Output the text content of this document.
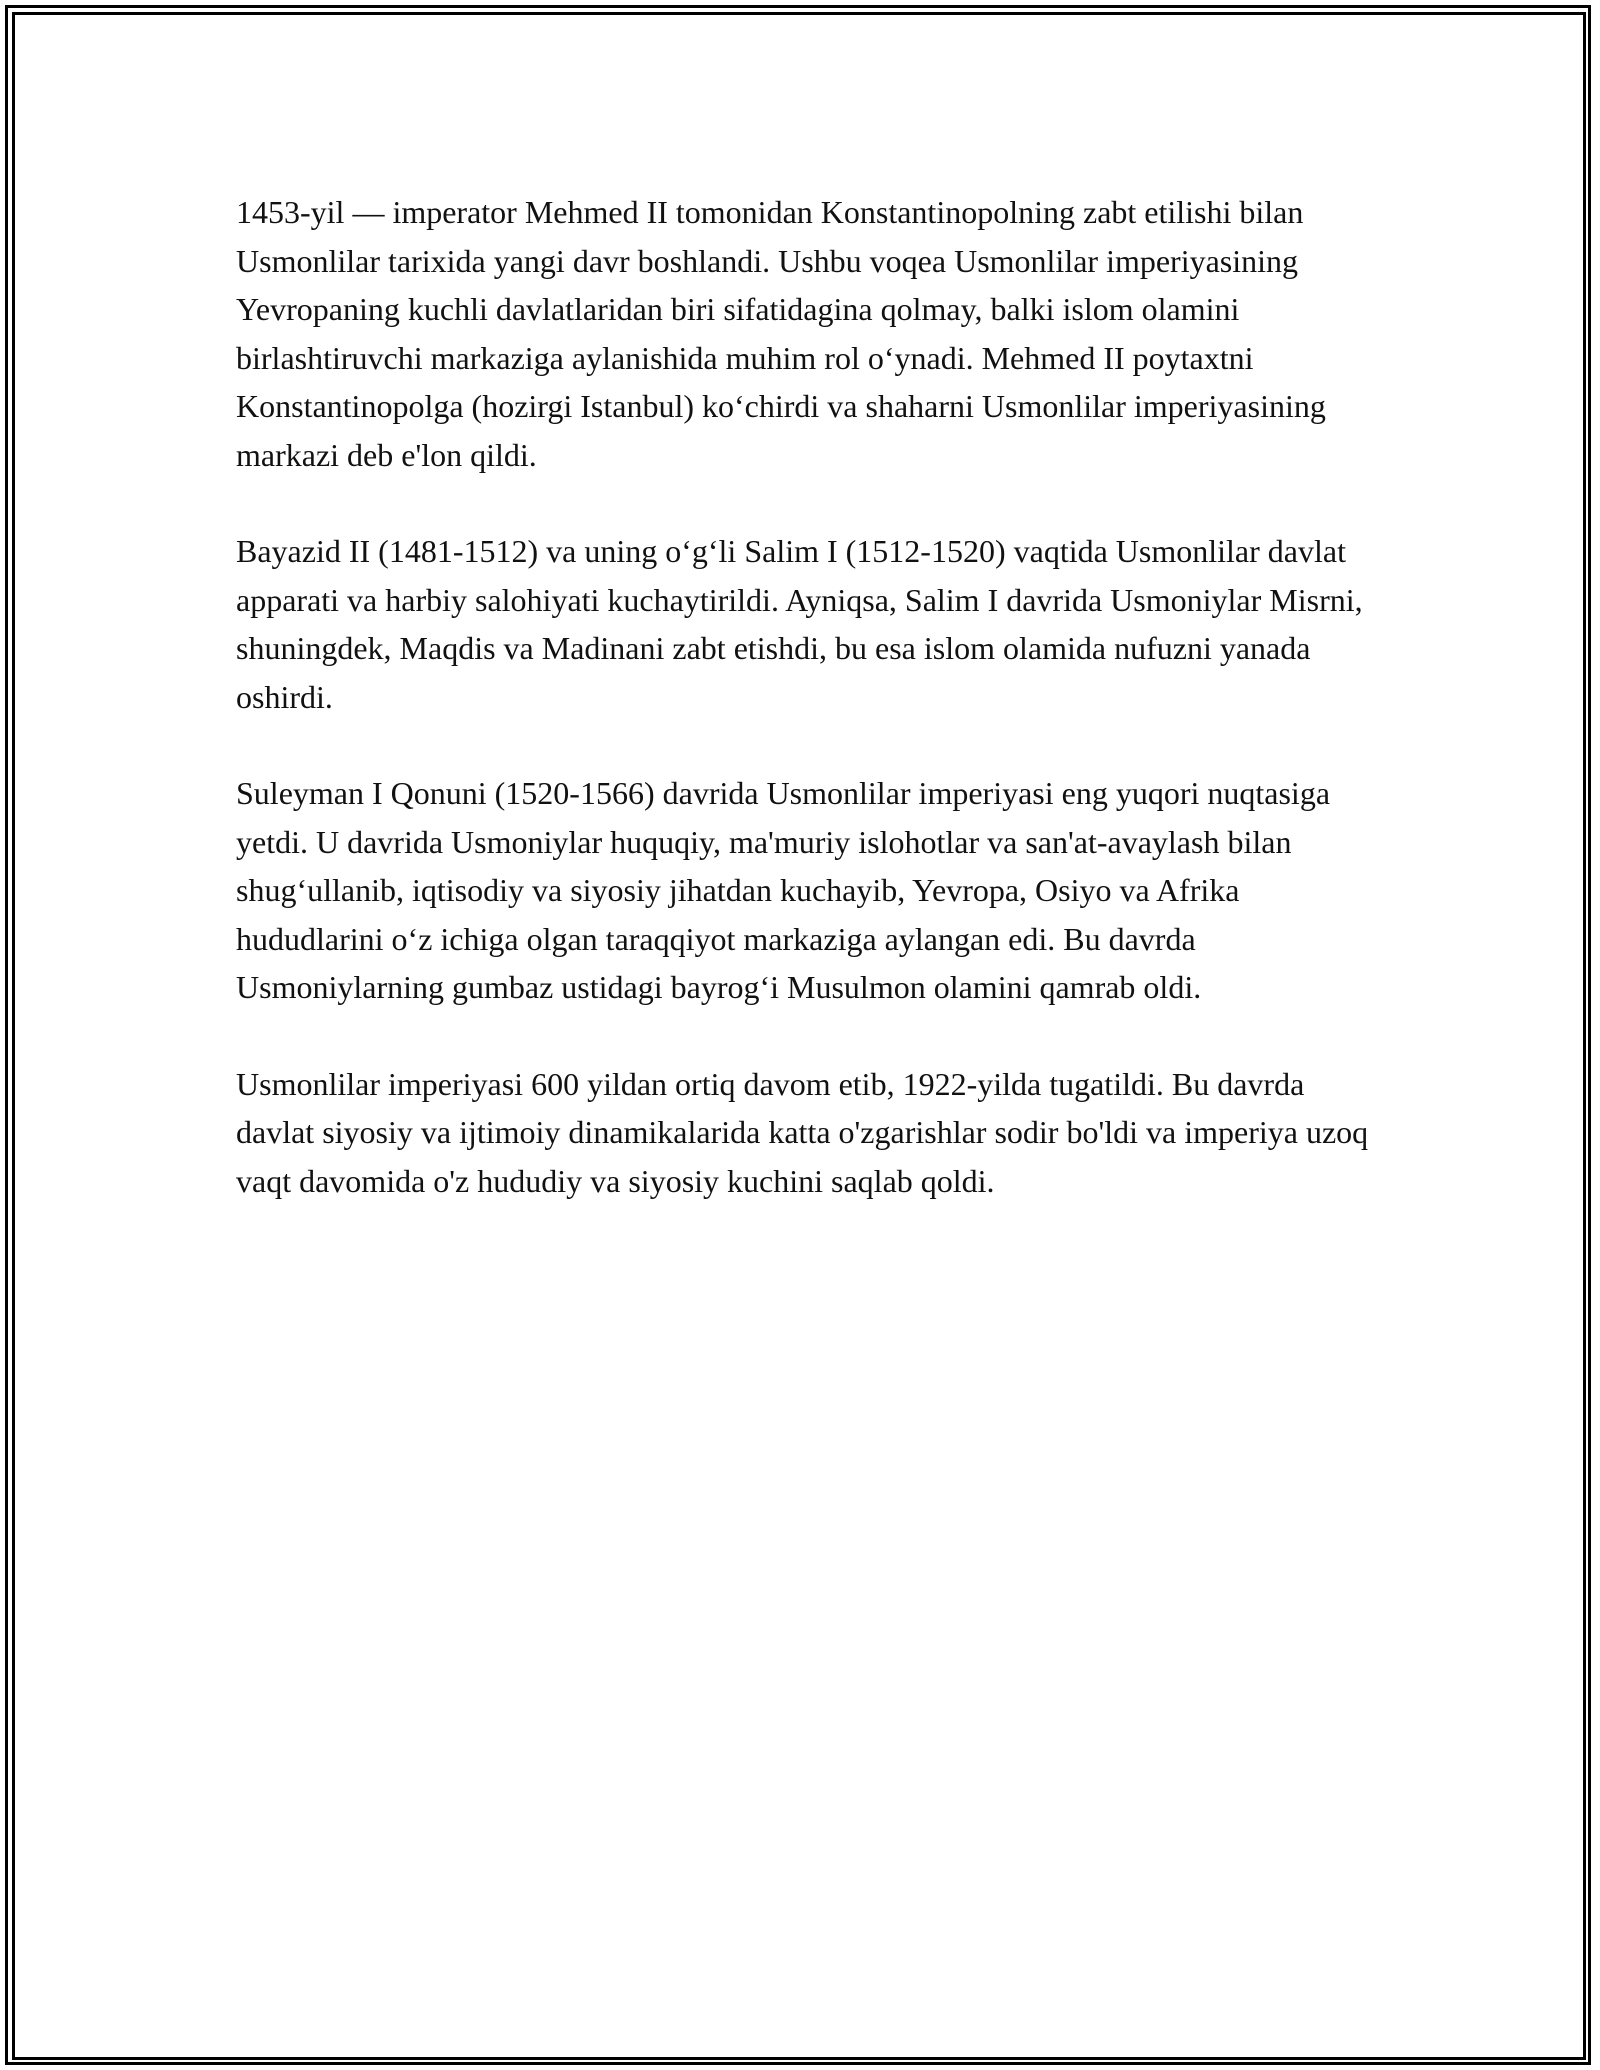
1453-yil — imperator Mehmed II tomonidan Konstantinopolning zabt etilishi bilan Usmonlilar tarixida yangi davr boshlandi. Ushbu voqea Usmonlilar imperiyasining Yevropaning kuchli davlatlaridan biri sifatidagina qolmay, balki islom olamini birlashtiruvchi markaziga aylanishida muhim rol oʻynadi. Mehmed II poytaxtni Konstantinopolga (hozirgi Istanbul) koʻchirdi va shaharni Usmonlilar imperiyasining markazi deb e'lon qildi.

Bayazid II (1481-1512) va uning oʻgʻli Salim I (1512-1520) vaqtida Usmonlilar davlat apparati va harbiy salohiyati kuchaytirildi. Ayniqsa, Salim I davrida Usmoniylar Misrni, shuningdek, Maqdis va Madinani zabt etishdi, bu esa islom olamida nufuzni yanada oshirdi.

Suleyman I Qonuni (1520-1566) davrida Usmonlilar imperiyasi eng yuqori nuqtasiga yetdi. U davrida Usmoniylar huquqiy, ma'muriy islohotlar va san'at-avaylash bilan shugʻullanib, iqtisodiy va siyosiy jihatdan kuchayib, Yevropa, Osiyo va Afrika hududlarini oʻz ichiga olgan taraqqiyot markaziga aylangan edi. Bu davrda Usmoniylarning gumbaz ustidagi bayrogʻi Musulmon olamini qamrab oldi.

Usmonlilar imperiyasi 600 yildan ortiq davom etib, 1922-yilda tugatildi. Bu davrda davlat siyosiy va ijtimoiy dinamikalarida katta o'zgarishlar sodir bo'ldi va imperiya uzoq vaqt davomida o'z hududiy va siyosiy kuchini saqlab qoldi.
